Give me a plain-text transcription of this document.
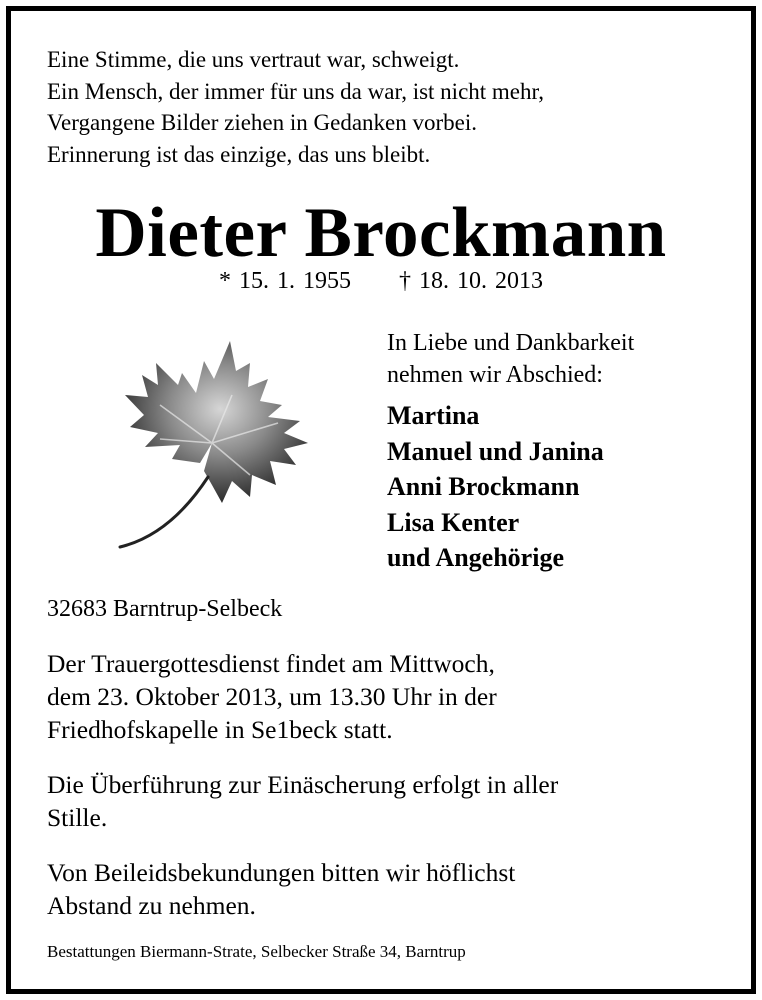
Eine Stimme, die uns vertraut war, schweigt.
Ein Mensch, der immer für uns da war, ist nicht mehr,
Vergangene Bilder ziehen in Gedanken vorbei.
Erinnerung ist das einzige, das uns bleibt.
Dieter Brockmann
* 15. 1. 1955 † 18. 10. 2013
In Liebe und Dankbarkeit
nehmen wir Abschied:
Martina
Manuel und Janina
Anni Brockmann
Lisa Kenter
und Angehörige
32683 Barntrup-Selbeck
Der Trauergottesdienst findet am Mittwoch,
dem 23. Oktober 2013, um 13.30 Uhr in der
Friedhofskapelle in Se1beck statt.
Die Überführung zur Einäscherung erfolgt in aller
Stille.
Von Beileidsbekundungen bitten wir höflichst
Abstand zu nehmen.
Bestattungen Biermann-Strate, Selbecker Straße 34, Barntrup
